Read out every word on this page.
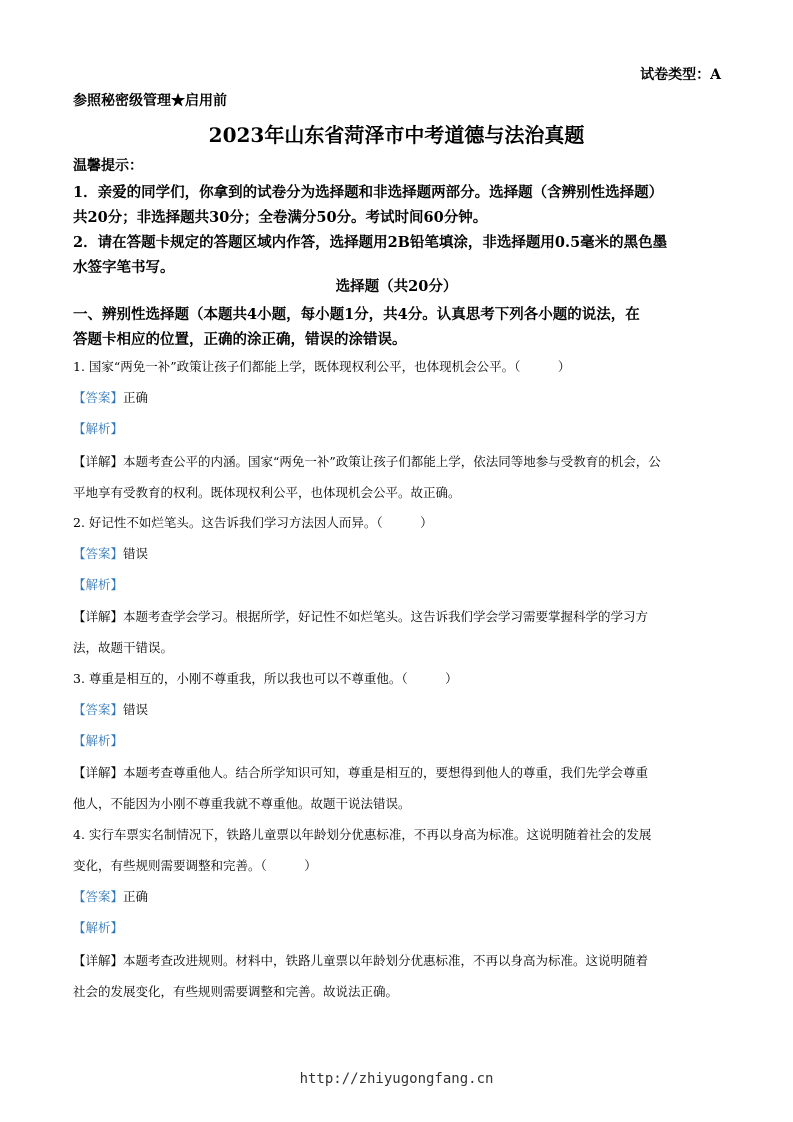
试卷类型：A
参照秘密级管理★启用前
2023年山东省菏泽市中考道德与法治真题
温馨提示：
1．亲爱的同学们，你拿到的试卷分为选择题和非选择题两部分。选择题（含辨别性选择题）
共20分；非选择题共30分；全卷满分50分。考试时间60分钟。
2．请在答题卡规定的答题区域内作答，选择题用2B铅笔填涂，非选择题用0.5毫米的黑色墨
水签字笔书写。
选择题（共20分）
一、辨别性选择题（本题共4小题，每小题1分，共4分。认真思考下列各小题的说法，在
答题卡相应的位置，正确的涂正确，错误的涂错误。
1. 国家“两免一补”政策让孩子们都能上学，既体现权利公平，也体现机会公平。（　　　）
【答案】正确
【解析】
【详解】本题考查公平的内涵。国家“两免一补”政策让孩子们都能上学，依法同等地参与受教育的机会，公
平地享有受教育的权利。既体现权利公平，也体现机会公平。故正确。
2. 好记性不如烂笔头。这告诉我们学习方法因人而异。（　　　）
【答案】错误
【解析】
【详解】本题考查学会学习。根据所学，好记性不如烂笔头。这告诉我们学会学习需要掌握科学的学习方
法，故题干错误。
3. 尊重是相互的，小刚不尊重我，所以我也可以不尊重他。（　　　）
【答案】错误
【解析】
【详解】本题考查尊重他人。结合所学知识可知，尊重是相互的，要想得到他人的尊重，我们先学会尊重
他人，不能因为小刚不尊重我就不尊重他。故题干说法错误。
4. 实行车票实名制情况下，铁路儿童票以年龄划分优惠标准，不再以身高为标准。这说明随着社会的发展
变化，有些规则需要调整和完善。（　　　）
【答案】正确
【解析】
【详解】本题考查改进规则。材料中，铁路儿童票以年龄划分优惠标准，不再以身高为标准。这说明随着
社会的发展变化，有些规则需要调整和完善。故说法正确。
http://zhiyugongfang.cn
